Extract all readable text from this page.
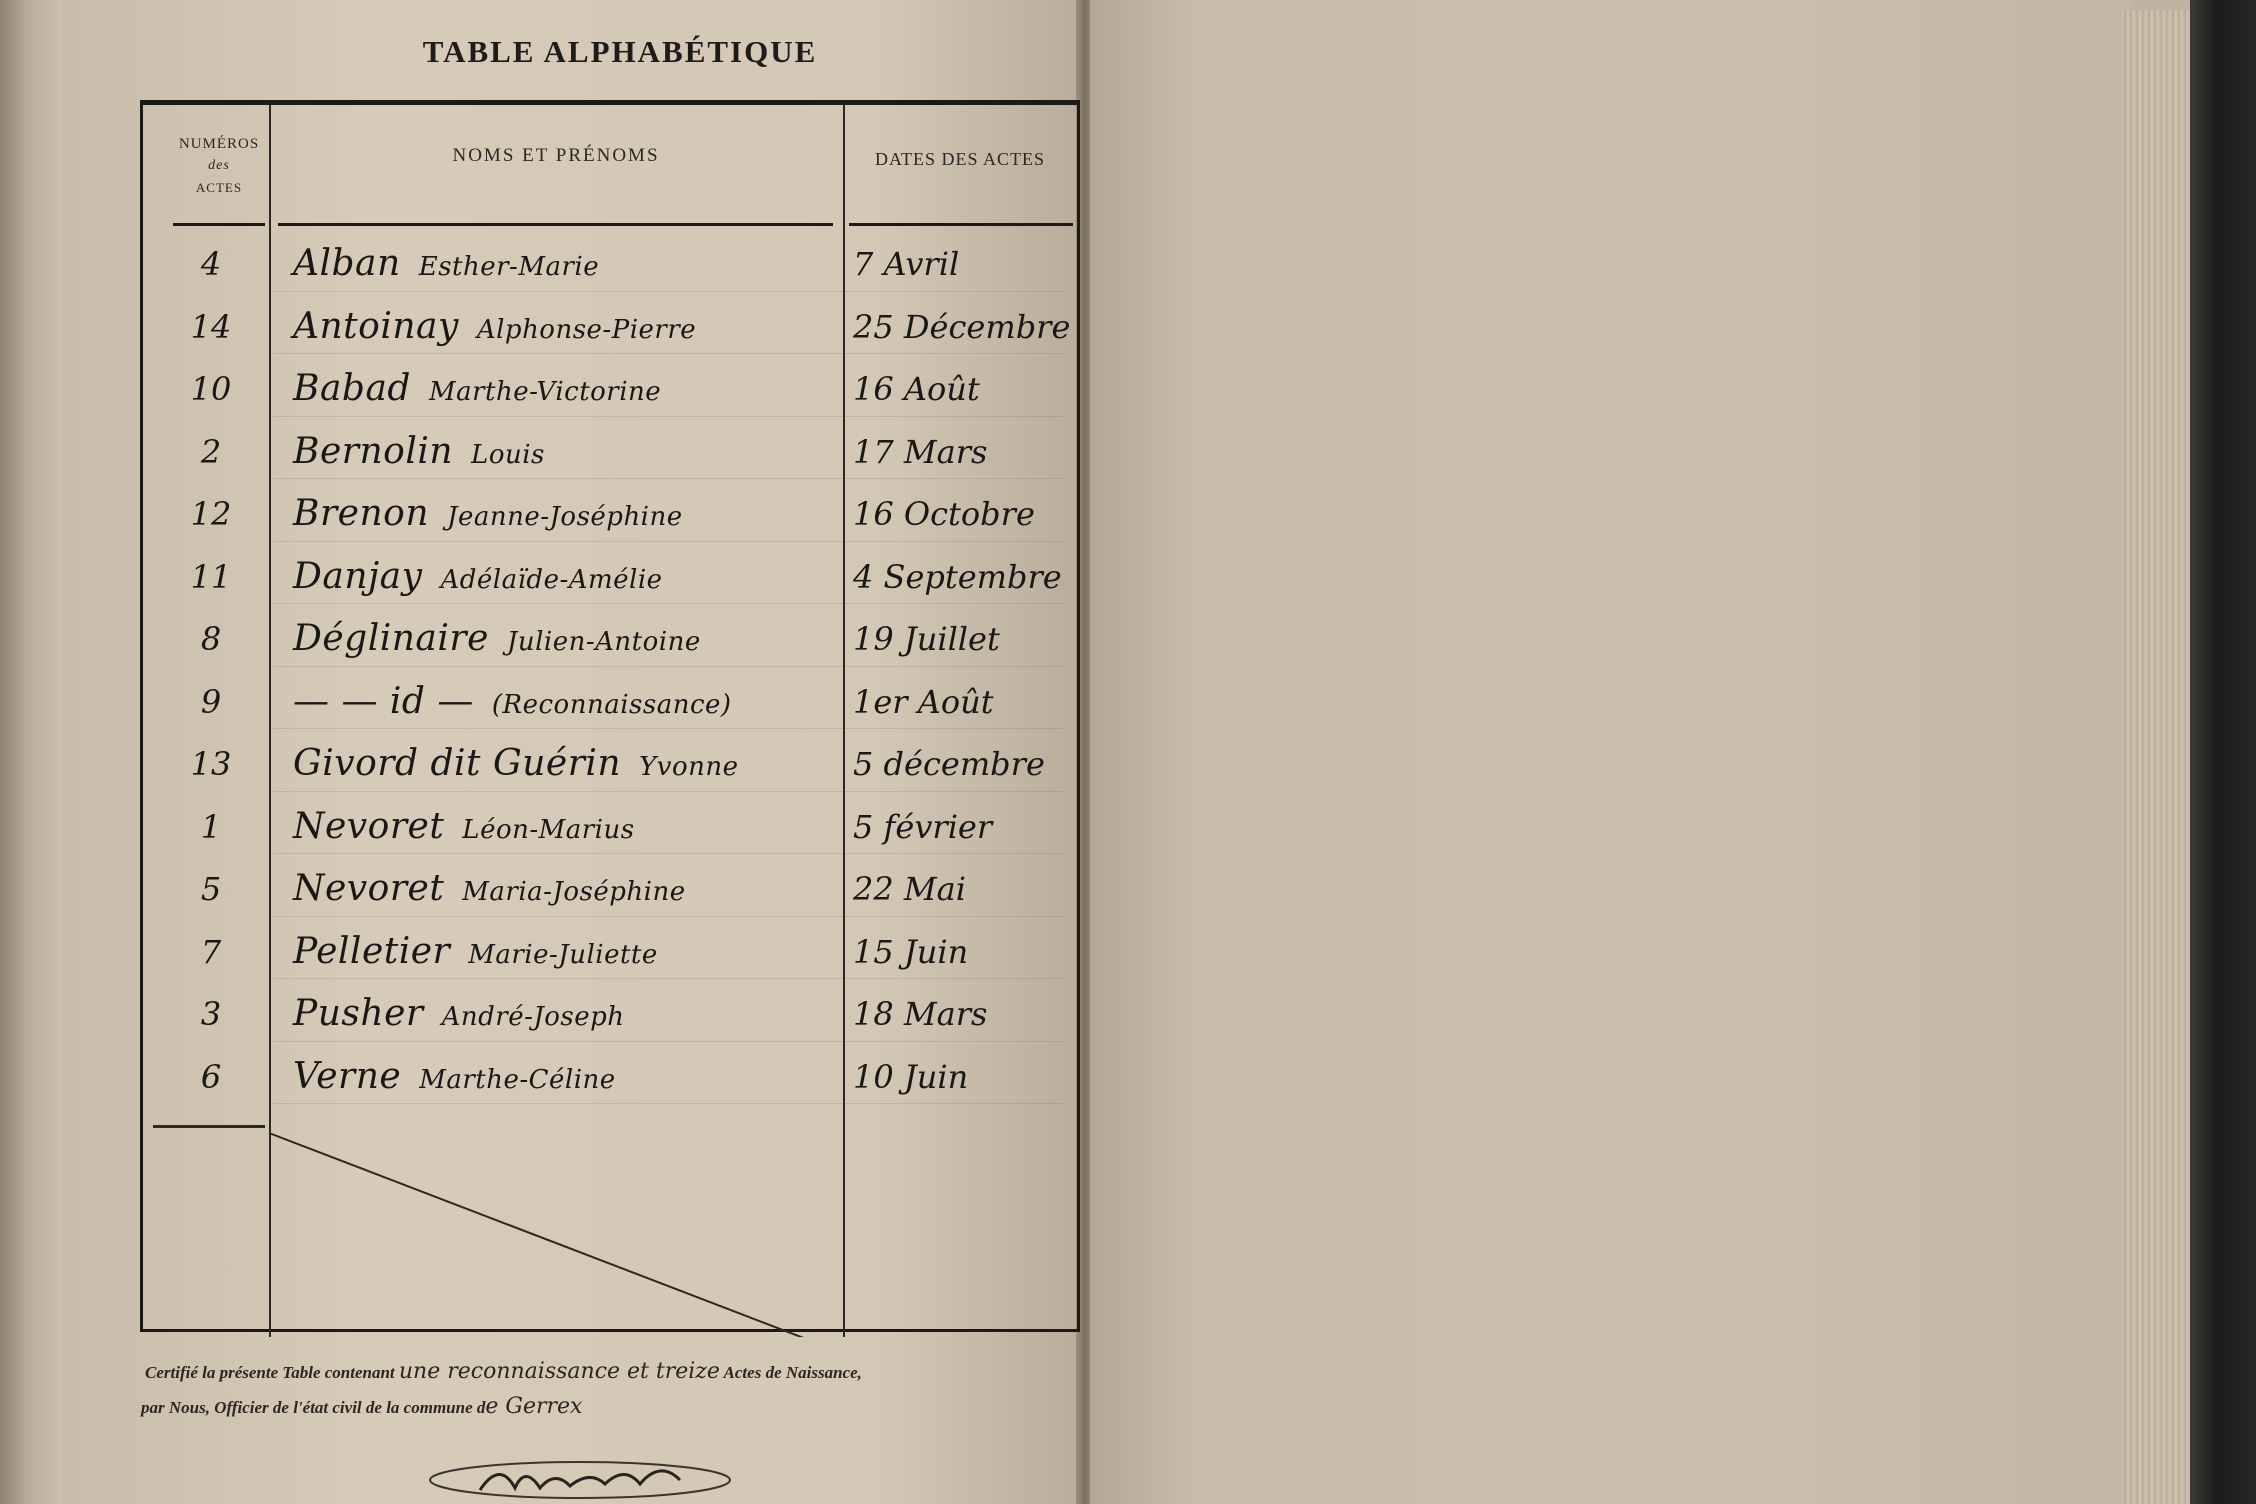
TABLE ALPHABÉTIQUE
NUMÉROS
des
ACTES
NOMS ET PRÉNOMS	DATES DES ACTES
4	Alban Esther-Marie	7 Avril
14	Antoinay Alphonse-Pierre	25 Décembre
10	Babad Marthe-Victorine	16 Août
2	Bernolin Louis	17 Mars
12	Brenon Jeanne-Joséphine	16 Octobre
11	Danjay Adélaïde-Amélie	4 Septembre
8	Déglinaire Julien-Antoine	19 Juillet
9	— — id — (Reconnaissance)	1er Août
13	Givord dit Guérin Yvonne	5 décembre
1	Nevoret Léon-Marius	5 février
5	Nevoret Maria-Joséphine	22 Mai
7	Pelletier Marie-Juliette	15 Juin
3	Pusher André-Joseph	18 Mars
6	Verne Marthe-Céline	10 Juin
Certifié la présente Table contenant une reconnaissance et treize Actes de Naissance,
par Nous, Officier de l'état civil de la commune de Gerrex
